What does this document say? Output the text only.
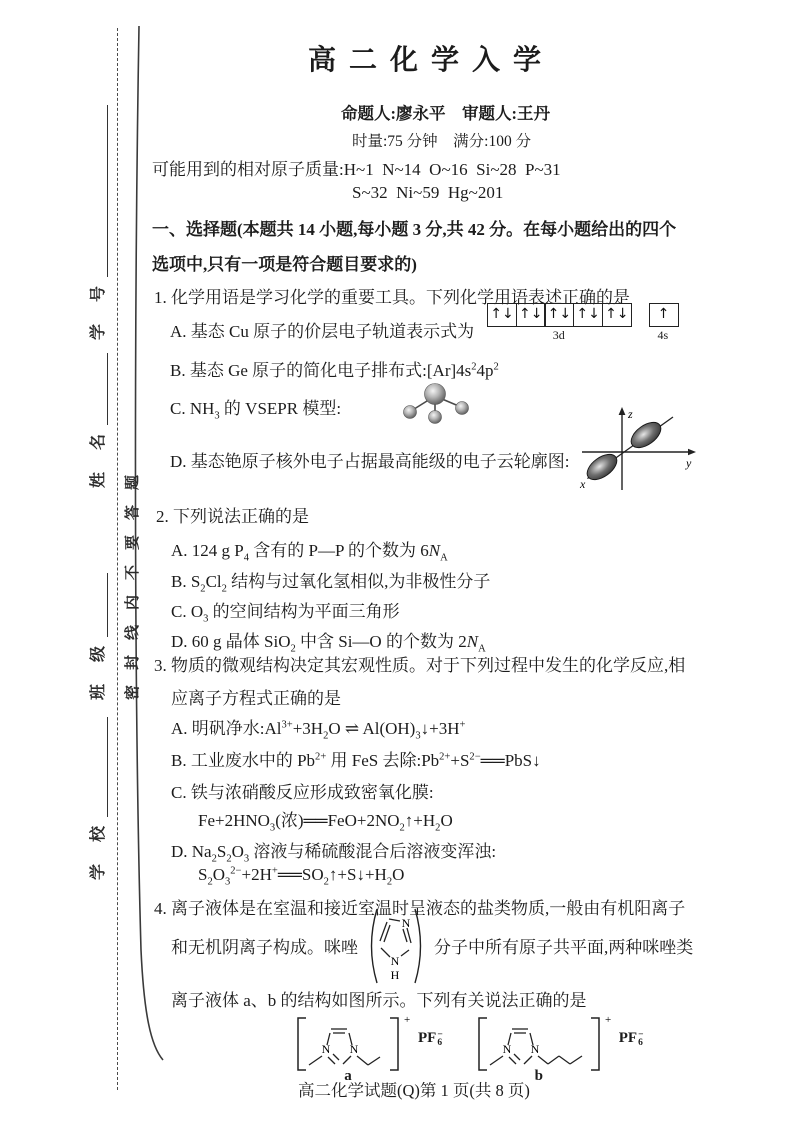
学 号
姓 名
班 级
学 校
密封线内不要答题
高 二 化 学 入 学
命题人:廖永平 审题人:王丹
时量:75 分钟 满分:100 分
可能用到的相对原子质量:H~1 N~14 O~16 Si~28 P~31
S~32 Ni~59 Hg~201
一、选择题(本题共 14 小题,每小题 3 分,共 42 分。在每小题给出的四个
选项中,只有一项是符合题目要求的)
1. 化学用语是学习化学的重要工具。下列化学用语表述正确的是
A. 基态 Cu 原子的价层电子轨道表示式为
↑↓ ↑↓ ↑↓ ↑↓ ↑↓
3d
↑
4s
B. 基态 Ge 原子的简化电子排布式$:[Ar]4s^24p^2$
C. $NH_3$ 的 VSEPR 模型:
D. 基态铯原子核外电子占据最高能级的电子云轮廓图:
z
y
x
2. 下列说法正确的是
A. 124 g $P_4$ 含有的 P—P 的个数为 $6N_A$
B. $S_2Cl_2$ 结构与过氧化氢相似,为非极性分子
C. $O_3$ 的空间结构为平面三角形
D. 60 g 晶体 SiO$_2$ 中含 Si—O 的个数为 $2N_A$
3. 物质的微观结构决定其宏观性质。对于下列过程中发生的化学反应,相
应离子方程式正确的是
A. 明矾净水$:Al^{3+}+3H_2O$ ⇌ $Al(OH)_3↓+3H^+$
B. 工业废水中的 $Pb^{2+}$ 用 FeS 去除$:Pb^{2+}+S^{2-}══PbS↓$
C. 铁与浓硝酸反应形成致密氧化膜:
$Fe+2HNO_3$(浓)$══FeO+2NO_2↑+H_2O$
D. $Na_2S_2O_3$ 溶液与稀硫酸混合后溶液变浑浊:
$S_2O_3^{2-}+2H^+══SO_2↑+S↓+H_2O$
4. 离子液体是在室温和接近室温时呈液态的盐类物质,一般由有机阳离子
和无机阴离子构成。咪唑
N
N
H
分子中所有原子共平面,两种咪唑类
离子液体 a、b 的结构如图所示。下列有关说法正确的是
N N
+
PF −
6
a
N N
+
PF −
6
b
高二化学试题(Q)第 1 页(共 8 页)
